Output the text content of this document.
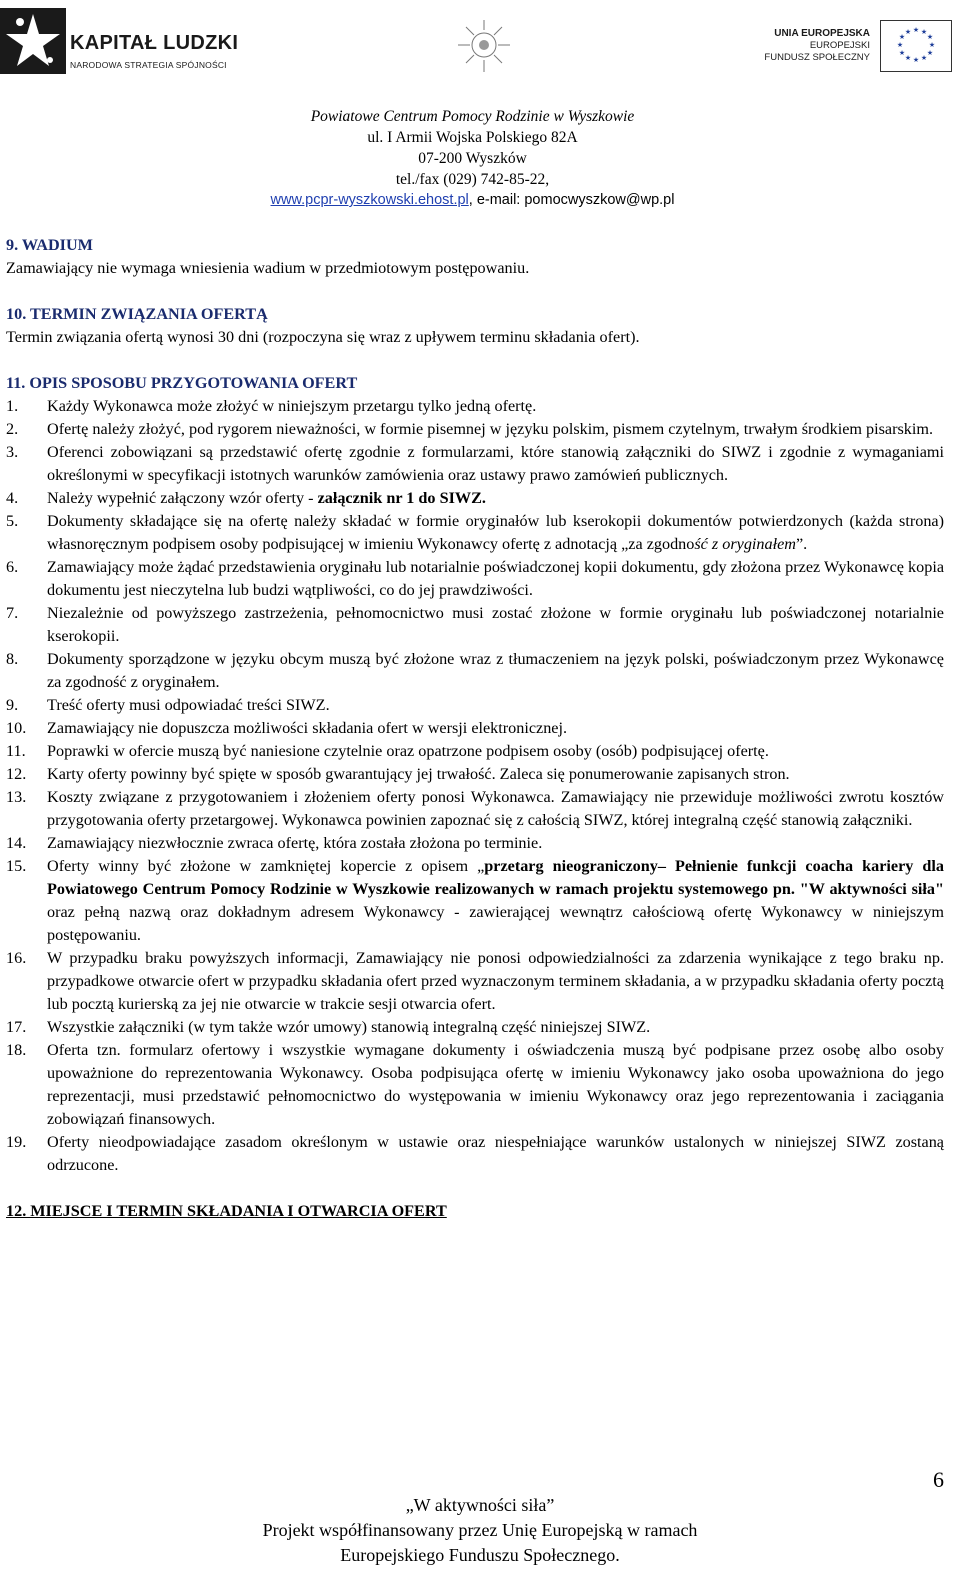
KAPITAŁ LUDZKI
NARODOWA STRATEGIA SPÓJNOŚCI
UNIA EUROPEJSKA
EUROPEJSKI
FUNDUSZ SPOŁECZNY
★ ★
★
★
★
★
★
★
★
★
★
★
Powiatowe Centrum Pomocy Rodzinie w Wyszkowie
ul. I Armii Wojska Polskiego 82A
07-200 Wyszków
tel./fax (029) 742-85-22,
www.pcpr-wyszkowski.ehost.pl, e-mail: pomocwyszkow@wp.pl
9. WADIUM

Zamawiający nie wymaga wniesienia wadium w przedmiotowym postępowaniu.

10. TERMIN ZWIĄZANIA OFERTĄ

Termin związania ofertą wynosi 30 dni (rozpoczyna się wraz z upływem terminu składania ofert).

11. OPIS SPOSOBU PRZYGOTOWANIA OFERT
1. Każdy Wykonawca może złożyć w niniejszym przetargu tylko jedną ofertę.
2. Ofertę należy złożyć, pod rygorem nieważności, w formie pisemnej w języku polskim, pismem czytelnym, trwałym środkiem pisarskim.
3. Oferenci zobowiązani są przedstawić ofertę zgodnie z formularzami, które stanowią załączniki do SIWZ i zgodnie z wymaganiami określonymi w specyfikacji istotnych warunków zamówienia oraz ustawy prawo zamówień publicznych.
4. Należy wypełnić załączony wzór oferty - załącznik nr 1 do SIWZ.
5. Dokumenty składające się na ofertę należy składać w formie oryginałów lub kserokopii dokumentów potwierdzonych (każda strona) własnoręcznym podpisem osoby podpisującej w imieniu Wykonawcy ofertę z adnotacją „za zgodność z oryginałem”.
6. Zamawiający może żądać przedstawienia oryginału lub notarialnie poświadczonej kopii dokumentu, gdy złożona przez Wykonawcę kopia dokumentu jest nieczytelna lub budzi wątpliwości, co do jej prawdziwości.
7. Niezależnie od powyższego zastrzeżenia, pełnomocnictwo musi zostać złożone w formie oryginału lub poświadczonej notarialnie kserokopii.
8. Dokumenty sporządzone w języku obcym muszą być złożone wraz z tłumaczeniem na język polski, poświadczonym przez Wykonawcę za zgodność z oryginałem.
9. Treść oferty musi odpowiadać treści SIWZ.
10. Zamawiający nie dopuszcza możliwości składania ofert w wersji elektronicznej.
11. Poprawki w ofercie muszą być naniesione czytelnie oraz opatrzone podpisem osoby (osób) podpisującej ofertę.
12. Karty oferty powinny być spięte w sposób gwarantujący jej trwałość. Zaleca się ponumerowanie zapisanych stron.
13. Koszty związane z przygotowaniem i złożeniem oferty ponosi Wykonawca. Zamawiający nie przewiduje możliwości zwrotu kosztów przygotowania oferty przetargowej. Wykonawca powinien zapoznać się z całością SIWZ, której integralną część stanowią załączniki.
14. Zamawiający niezwłocznie zwraca ofertę, która została złożona po terminie.
15. Oferty winny być złożone w zamkniętej kopercie z opisem „przetarg nieograniczony– Pełnienie funkcji coacha kariery dla Powiatowego Centrum Pomocy Rodzinie w Wyszkowie realizowanych w ramach projektu systemowego pn. "W aktywności siła" oraz pełną nazwą oraz dokładnym adresem Wykonawcy - zawierającej wewnątrz całościową ofertę Wykonawcy w niniejszym postępowaniu.
16. W przypadku braku powyższych informacji, Zamawiający nie ponosi odpowiedzialności za zdarzenia wynikające z tego braku np. przypadkowe otwarcie ofert w przypadku składania ofert przed wyznaczonym terminem składania, a w przypadku składania oferty pocztą lub pocztą kurierską za jej nie otwarcie w trakcie sesji otwarcia ofert.
17. Wszystkie załączniki (w tym także wzór umowy) stanowią integralną część niniejszej SIWZ.
18. Oferta tzn. formularz ofertowy i wszystkie wymagane dokumenty i oświadczenia muszą być podpisane przez osobę albo osoby upoważnione do reprezentowania Wykonawcy. Osoba podpisująca ofertę w imieniu Wykonawcy jako osoba upoważniona do jego reprezentacji, musi przedstawić pełnomocnictwo do występowania w imieniu Wykonawcy oraz jego reprezentowania i zaciągania zobowiązań finansowych.
19. Oferty nieodpowiadające zasadom określonym w ustawie oraz niespełniające warunków ustalonych w niniejszej SIWZ zostaną odrzucone.
12. MIEJSCE I TERMIN SKŁADANIA I OTWARCIA OFERT
6
„W aktywności siła”
Projekt współfinansowany przez Unię Europejską w ramach
Europejskiego Funduszu Społecznego.
